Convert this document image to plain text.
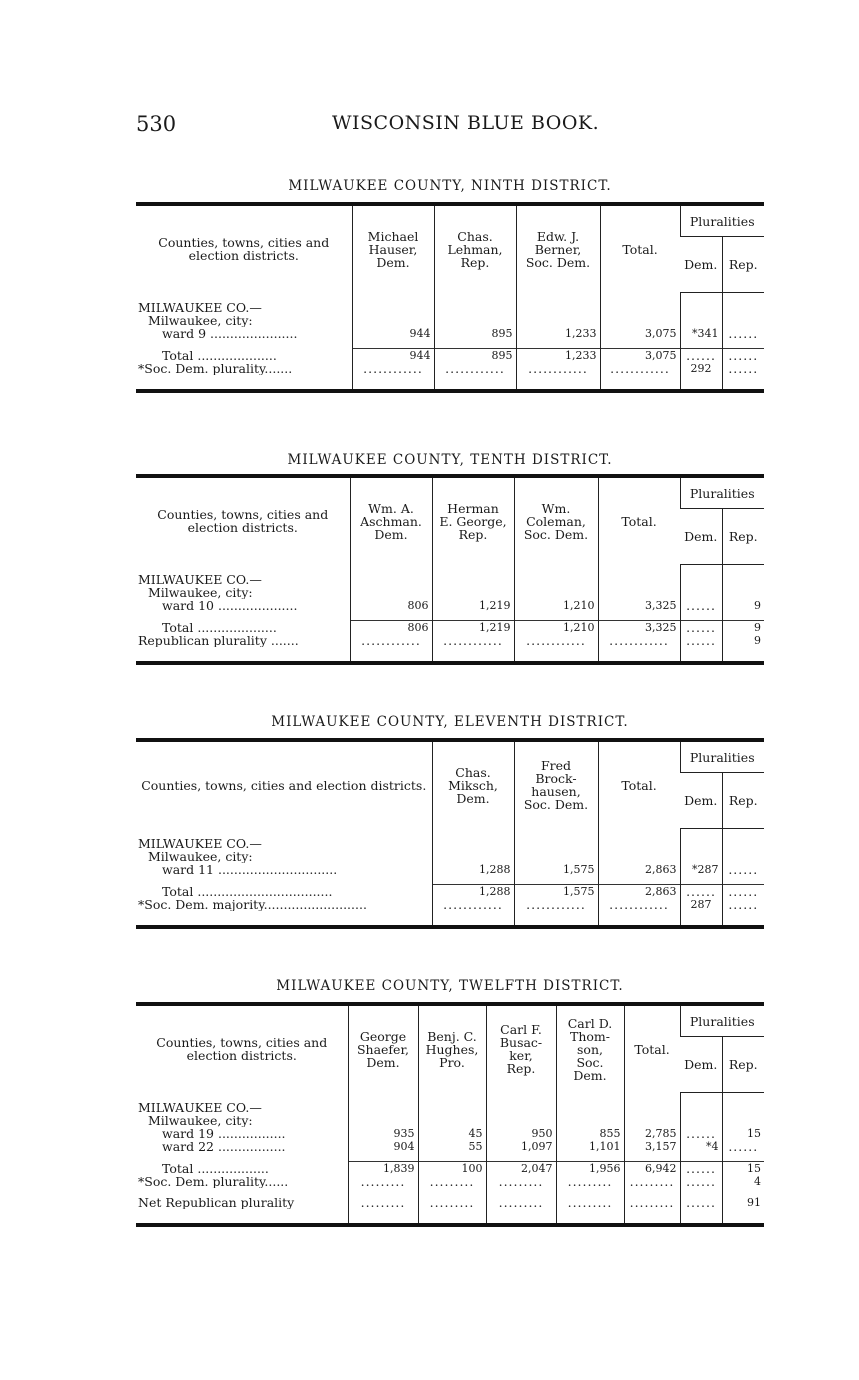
530	WISCONSIN BLUE BOOK.
MILWAUKEE COUNTY, NINTH DISTRICT.
Counties, towns, cities and election districts.	Michael
Hauser,
Dem.	Chas.
Lehman,
Rep.	Edw. J.
Berner,
Soc. Dem.	Total.	Pluralities	
					Dem.	Rep.

MILWAUKEE CO.—						
Milwaukee, city:						
ward 9 ......................	944	895	1,233	3,075	*341	......

Total ....................	944	895	1,233	3,075	......	......
*Soc. Dem. plurality.......	............	............	............	............	292	......

MILWAUKEE COUNTY, TENTH DISTRICT.
Counties, towns, cities and election districts.	Wm. A.
Aschman.
Dem.	Herman
E. George,
Rep.	Wm.
Coleman,
Soc. Dem.	Total.	Pluralities	
					Dem.	Rep.

MILWAUKEE CO.—						
Milwaukee, city:						
ward 10 ....................	806	1,219	1,210	3,325	......	9

Total ....................	806	1,219	1,210	3,325	......	9
Republican plurality .......	............	............	............	............	......	9

MILWAUKEE COUNTY, ELEVENTH DISTRICT.
Counties, towns, cities and election districts.	Chas.
Miksch,
Dem.	Fred
Brock-
hausen,
Soc. Dem.	Total.	Pluralities	
				Dem.	Rep.

MILWAUKEE CO.—					
Milwaukee, city:					
ward 11 ..............................	1,288	1,575	2,863	*287	......

Total ..................................	1,288	1,575	2,863	......	......
*Soc. Dem. majority..........................	............	............	............	287	......

MILWAUKEE COUNTY, TWELFTH DISTRICT.
Counties, towns, cities and election districts.	George
Shaefer,
Dem.	Benj. C.
Hughes,
Pro.	Carl F.
Busac-
ker,
Rep.	Carl D.
Thom-
son,
Soc.
Dem.	Total.	Pluralities	
						Dem.	Rep.

MILWAUKEE CO.—							
Milwaukee, city:							
ward 19 .................	935	45	950	855	2,785	......	15
ward 22 .................	904	55	1,097	1,101	3,157	*4	......

Total ..................	1,839	100	2,047	1,956	6,942	......	15
*Soc. Dem. plurality......	.........	.........	.........	.........	.........	......	4

Net Republican plurality	.........	.........	.........	.........	.........	......	91
